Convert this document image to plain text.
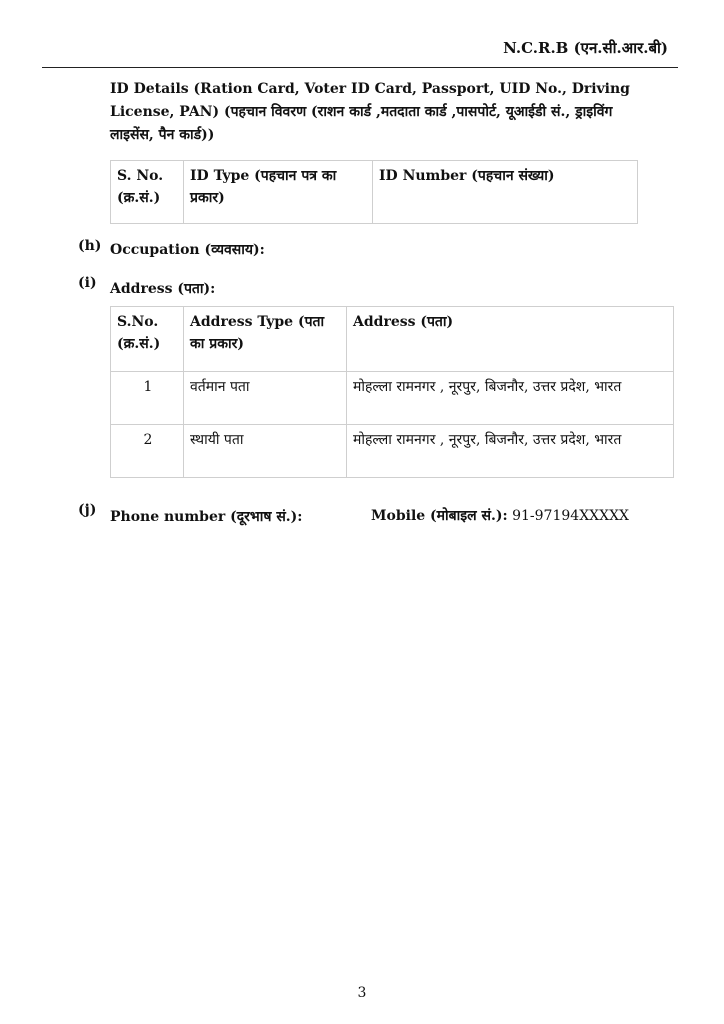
N.C.R.B (एन.सी.आर.बी)
ID Details (Ration Card, Voter ID Card, Passport, UID No., Driving License, PAN) (पहचान विवरण (राशन कार्ड ,मतदाता कार्ड ,पासपोर्ट, यूआईडी सं., ड्राइविंग लाइसेंस, पैन कार्ड))
S. No. (क्र.सं.)	ID Type (पहचान पत्र का प्रकार)	ID Number (पहचान संख्या)
(h) Occupation (व्यवसाय):
(i) Address (पता):
S.No. (क्र.सं.)	Address Type (पता का प्रकार)	Address (पता)
1	वर्तमान पता	मोहल्ला रामनगर , नूरपुर, बिजनौर, उत्तर प्रदेश, भारत
2	स्थायी पता	मोहल्ला रामनगर , नूरपुर, बिजनौर, उत्तर प्रदेश, भारत
(j) Phone number (दूरभाष सं.):	Mobile (मोबाइल सं.): 91-97194XXXXX
3
